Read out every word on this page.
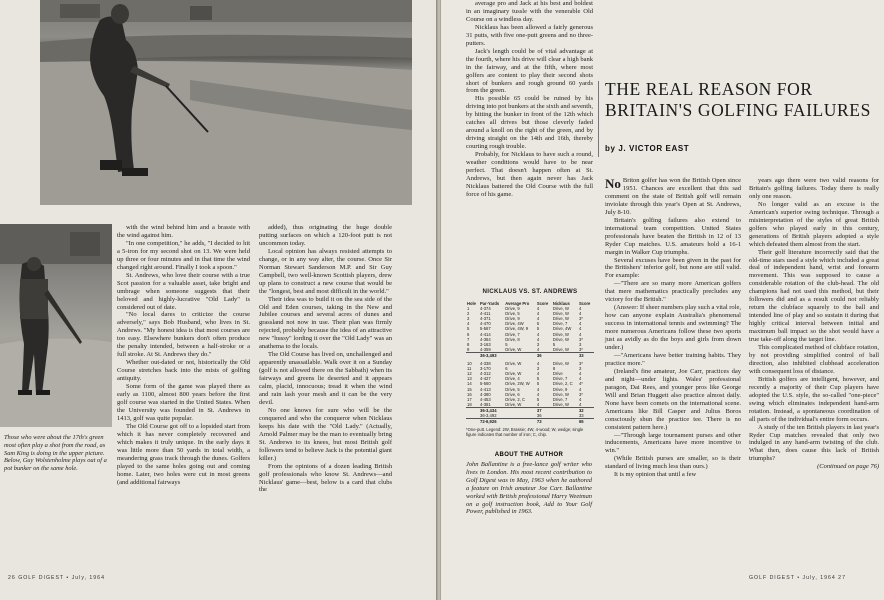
Those who were about the 17th's green most often play a shot from the road, as Sam King is doing in the upper picture. Below, Guy Wolstenholme plays out of a pot bunker on the same hole.

with the wind behind him and a brassie with the wind against him.

"In one competition," he adds, "I decided to hit a 5-iron for my second shot on 13. We were held up three or four minutes and in that time the wind changed right around. Finally I took a spoon."

St. Andrews, who love their course with a true Scot passion for a valuable asset, take bright and umbrage when someone suggests that their beloved and highly-lucrative "Old Lady" is considered out of date.

"No local dares to criticize the course adversely," says Bob Husband, who lives in St. Andrews. "My honest idea is that most courses are too easy. Elsewhere bunkers don't often produce the penalty intended, between a half-stroke or a full stroke. At St. Andrews they do."

Whether out-dated or not, historically the Old Course stretches back into the mists of golfing antiquity.

Some form of the game was played there as early as 1100, almost 800 years before the first golf course was started in the United States. When the University was founded in St. Andrews in 1413, golf was quite popular.

The Old Course got off to a lopsided start from which it has never completely recovered and which makes it truly unique. In the early days it was little more than 50 yards in total width, a meandering grass track through the dunes. Golfers played to the same holes going out and coming home. Later, two holes were cut in most greens (and additional fairways

added), thus originating the huge double putting surfaces on which a 120-foot putt is not uncommon today.

Local opinion has always resisted attempts to change, or in any way alter, the course. Once Sir Norman Stewart Sanderson M.P. and Sir Guy Campbell, two well-known Scottish players, drew up plans to construct a new course that would be the "longest, best and most difficult in the world."

Their idea was to build it on the sea side of the Old and Eden courses, taking in the New and Jubilee courses and several acres of dunes and grassland not now in use. Their plan was firmly rejected, probably because the idea of an attractive new "hussy" lording it over the "Old Lady" was an anathema to the locals.

The Old Course has lived on, unchallenged and apparently unassailable. Walk over it on a Sunday (golf is not allowed there on the Sabbath) when its fairways and greens lie deserted and it appears calm, placid, innocuous; tread it when the wind and rain lash your mesh and it can be the very devil.

No one knows for sure who will be the conquered and who the conqueror when Nicklaus keeps his date with the "Old Lady." (Actually, Arnold Palmer may be the man to eventually bring St. Andrews to its knees, but most British golf followers tend to believe Jack is the potential giant killer.)

From the opinions of a dozen leading British golf professionals who know St. Andrews—and Nicklaus' game—best, below is a card that clubs the

26 GOLF DIGEST • July, 1964

average pro and Jack at his best and boldest in an imaginary tussle with the venerable Old Course on a windless day.

Nicklaus has been allowed a fairly generous 31 putts, with five one-putt greens and no three-putters.

Jack's length could be of vital advantage at the fourth, where his drive will clear a high bank in the fairway, and at the fifth, where most golfers are content to play their second shots short of bunkers and rough ground 60 yards from the green.

His possible 65 could be ruined by his driving into pot bunkers at the sixth and seventh, by hitting the bunker in front of the 12th which catches all drives but those cleverly faded around a knoll on the right of the green, and by driving straight on the 14th and 16th, thereby courting rough trouble.

Probably, for Nicklaus to have such a round, weather conditions would have to be near perfect. That doesn't happen often at St. Andrews, but then again never has Jack Nicklaus battered the Old Course with the full force of his game.

No Briton golfer has won the British Open since 1951. Chances are excellent that this sad comment on the state of British golf will remain inviolate through this year's Open at St. Andrews, July 8-10.

Britain's golfing failures also extend to international team competition. United States professionals have beaten the British in 12 of 13 Ryder Cup matches. U.S. amateurs hold a 16-1 margin in Walker Cup triumphs.

Several excuses have been given in the past for the Britishers' inferior golf, but none are still valid. For example:

—"There are so many more American golfers that mere mathematics practically precludes any victory for the British."

(Answer: If sheer numbers play such a vital role, how can anyone explain Australia's phenomenal success in international tennis and swimming? The more numerous Americans follow these two sports just as avidly as do the boys and girls from down under.)

—"Americans have better training habits. They practice more."

(Ireland's fine amateur, Joe Carr, practices day and night—under lights. Wales' professional paragon, Dai Rees, and younger pros like George Will and Brian Huggett also practice almost daily. None have been comets on the international scene. Americans like Bill Casper and Julius Boros consciously shun the practice tee. There is no consistent pattern here.)

—"Through large tournament purses and other inducements, Americans have more incentive to win."

(While British purses are smaller, so is their standard of living much less than ours.)

It is my opinion that until a few

years ago there were two valid reasons for Britain's golfing failures. Today there is really only one reason.

No longer valid as an excuse is the American's superior swing technique. Through a misinterpretation of the styles of great British golfers who played early in this century, generations of British players adopted a style which defeated them almost from the start.

Their golf literature incorrectly said that the old-time stars used a style which included a great deal of independent hand, wrist and forearm movement. This was supposed to cause a considerable rotation of the club-head. The old champions had not used this method, but their followers did and as a result could not reliably return the clubface squarely to the ball and intended line of play and so sustain it during that highly critical interval between initial and maximum ball impact so the shot would have a true take-off along the target line.

This complicated method of clubface rotation, by not providing simplified control of ball direction, also inhibited clubhead acceleration with consequent loss of distance.

British golfers are intelligent, however, and recently a majority of their Cup players have adopted the U.S. style, the so-called "one-piece" swing which eliminates independent hand-arm rotation. Instead, a spontaneous coordination of all parts of the individual's entire form occurs.

A study of the ten British players in last year's Ryder Cup matches revealed that only two indulged in any hand-arm twisting of the club. What then, does cause this lack of British triumphs?

(Continued on page 76)

GOLF DIGEST • July, 1964 27
THE REAL REASON FOR BRITAIN'S GOLFING FAILURES
by J. VICTOR EAST
NICKLAUS VS. ST. ANDREWS
Hole	Par-Yards	Average Pro	Score	Nicklaus	Score
1	4-374	Drive, 9	4	Drive, W	4
2	4-411	Drive, 5	4	Drive, W	4
3	4-371	Drive, 9	4	Drive, W	3*
4	4-470	Drive, 4W	5	Drive, 7	4
5	5-567	Drive, 4W, 9	5	Drive, 4W	4
6	4-414	Drive, 7	4	Drive, W	4
7	4-364	Drive, 8	4	Drive, W	3*
8	3-163	5	3	5	3
9	4-359	Drive, W	4	Drive, W	3*
	36-3,493		36		33

10	4-338	Drive, W	4	Drive, W	3*
11	3-170	6	3	8	3
12	4-312	Drive, W	4	Drive	4
13	4-427	Drive, 4	5	Drive, 7	4
14	5-560	Drive, 2W, W	5	Drive, 2, C	4*
15	4-413	Drive, 5	4	Drive, 9	4
16	4-380	Drive, 6	4	Drive, W	3*
17	4-453	Drive, 2, C	5	Drive, 7	4
18	4-381	Drive, W	4	Drive, W	4
	36-3,434		37		32
	36-3,492		36		33
	72-6,926		73		65
*One-putt. Legend: 2W, Brassie; 4W, 4-wood; W, wedge; single figure indicates that number of iron; C, chip.
ABOUT THE AUTHOR
John Ballantine is a free-lance golf writer who lives in London. His most recent contribution to Golf Digest was in May, 1963 when he authored a feature on Irish amateur Joe Carr. Ballantine worked with British professional Harry Weetman on a golf instruction book, Add to Your Golf Power, published in 1963.
